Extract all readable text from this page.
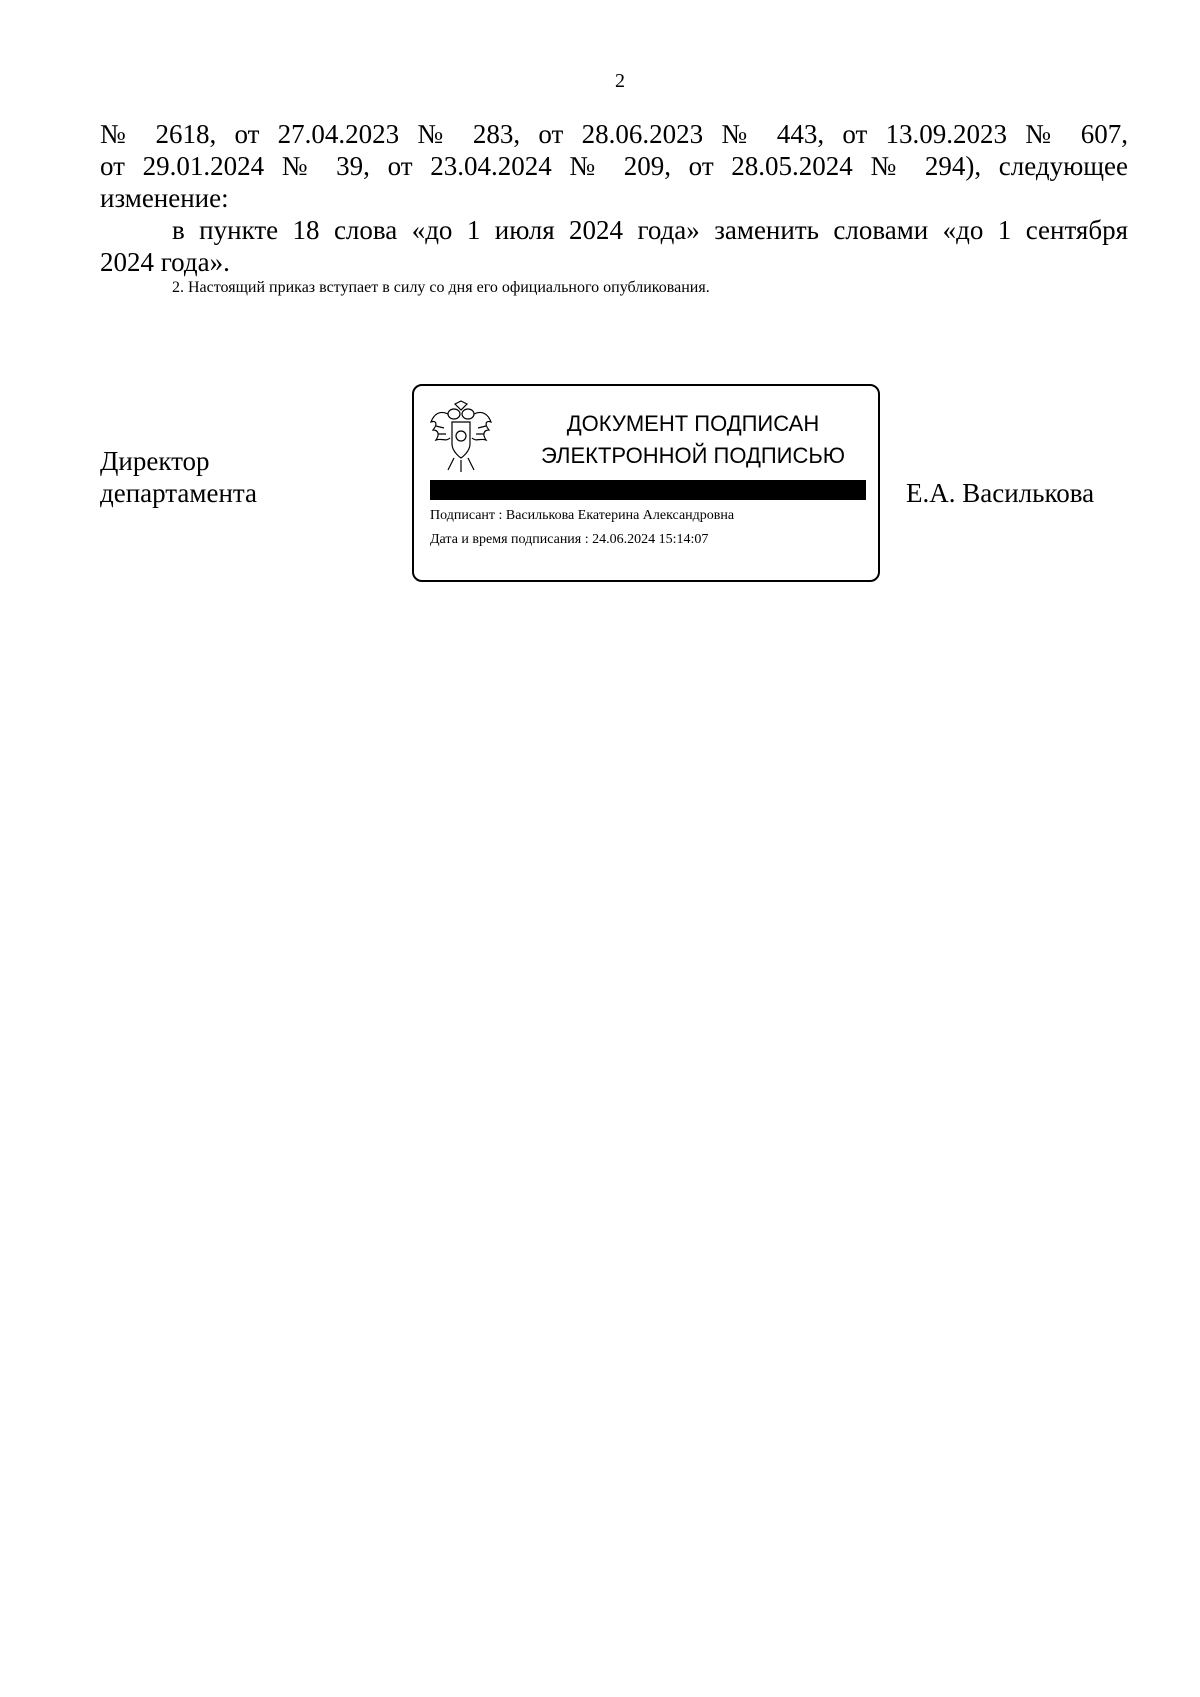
2
№ 2618, от 27.04.2023 № 283, от 28.06.2023 № 443, от 13.09.2023 № 607,
от 29.01.2024 № 39, от 23.04.2024 № 209, от 28.05.2024 № 294), следующее
изменение:
в пункте 18 слова «до 1 июля 2024 года» заменить словами «до 1 сентября
2024 года».
2. Настоящий приказ вступает в силу со дня его официального опубликования.
Директор
департамента
ДОКУМЕНТ ПОДПИСАН
ЭЛЕКТРОННОЙ ПОДПИСЬЮ
Подписант : Василькова Екатерина Александровна
Дата и время подписания : 24.06.2024 15:14:07
Е.А. Василькова
